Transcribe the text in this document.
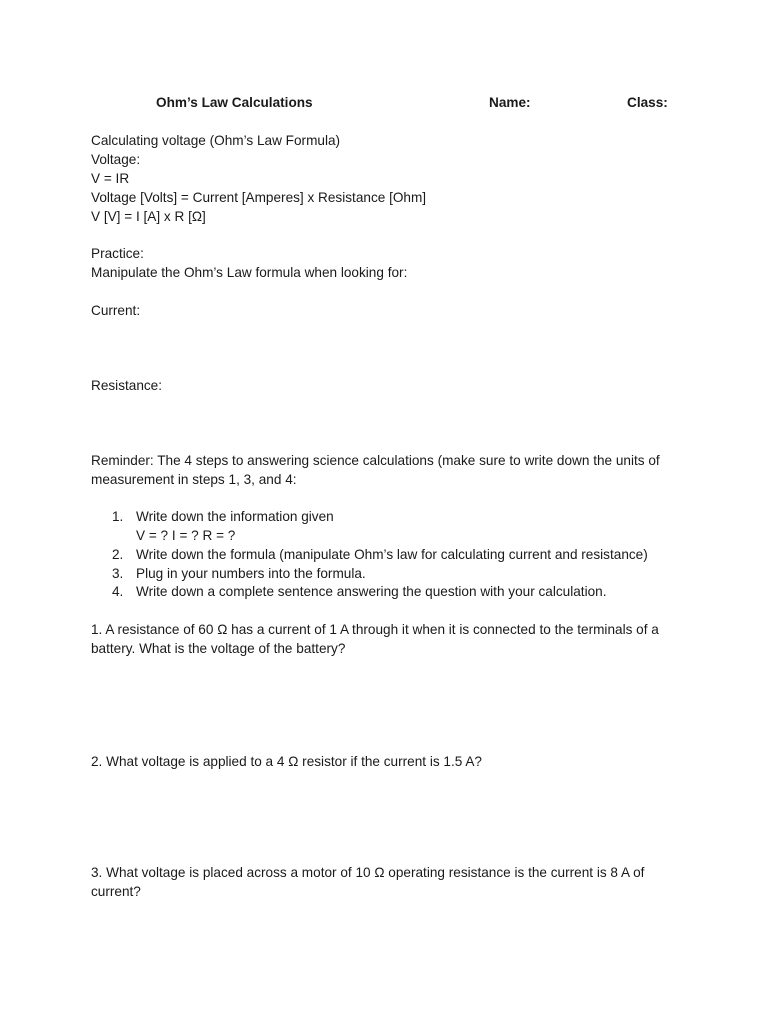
Ohm’s Law Calculations	Name:	Class:
Calculating voltage (Ohm’s Law Formula)
Voltage:
V = IR
Voltage [Volts] = Current [Amperes] x Resistance [Ohm]
V [V] = I [A] x R [Ω]
Practice:
Manipulate the Ohm’s Law formula when looking for:
Current:
Resistance:
Reminder: The 4 steps to answering science calculations (make sure to write down the units of
measurement in steps 1, 3, and 4:
1. Write down the information given
V = ? I = ? R = ?
2. Write down the formula (manipulate Ohm’s law for calculating current and resistance)
3. Plug in your numbers into the formula.
4. Write down a complete sentence answering the question with your calculation.
1. A resistance of 60 Ω has a current of 1 A through it when it is connected to the terminals of a
battery. What is the voltage of the battery?
2. What voltage is applied to a 4 Ω resistor if the current is 1.5 A?
3. What voltage is placed across a motor of 10 Ω operating resistance is the current is 8 A of
current?
